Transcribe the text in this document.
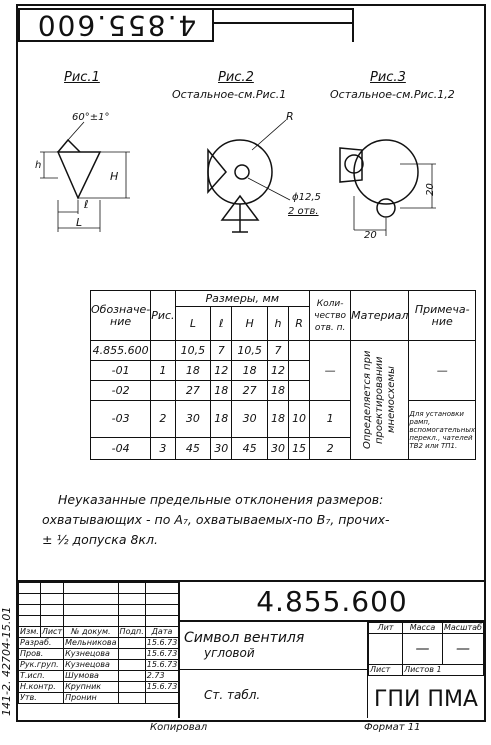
4.855.600
Рис.1	Рис.2
Остальное-см.Рис.1
Рис.3
Остальное-см.Рис.1,2
60°±1°
h
H
ℓ
L
R
ϕ12,5
2 отв.
20
20
Обозначе-ние	Рис.	Размеры, мм					Коли-чество отв. п.	Материал	Примеча-ние
		L	ℓ	H	h	R			
4.855.600		10,5	7	10,5	7		—	Определяется при проектировании мнемосхемы	—
-01	1	18	12	18	12				
-02		27	18	27	18				
-03	2	30	18	30	18	10	1		Для установки рамп, вспомогательных перекл., чателей ТВ2 или ТП1.
-04	3	45	30	45	30	15	2		
Неуказанные предельные отклонения размеров:
охватывающих - по А₇, охватываемых-по В₇, прочих-
± ½ допуска 8кл.
141-2. 42704-15.01

				Изм.	Лист	№ докум.	Подп.	Дата
Разраб.		Мельникова		15.6.73
Пров.		Кузнецова		15.6.73
Рук.груп.		Кузнецова		15.6.73
Т.исп.		Шумова		2.73
Н.контр.		Крупник		15.6.73
Утв.		Пронин		
4.855.600
Символ вентиля
угловой
Ст. табл.
Лит	Масса	Масштаб
	—	—
Лист	Листов 1	
ГПИ ПМА
Копировал	Формат 11
